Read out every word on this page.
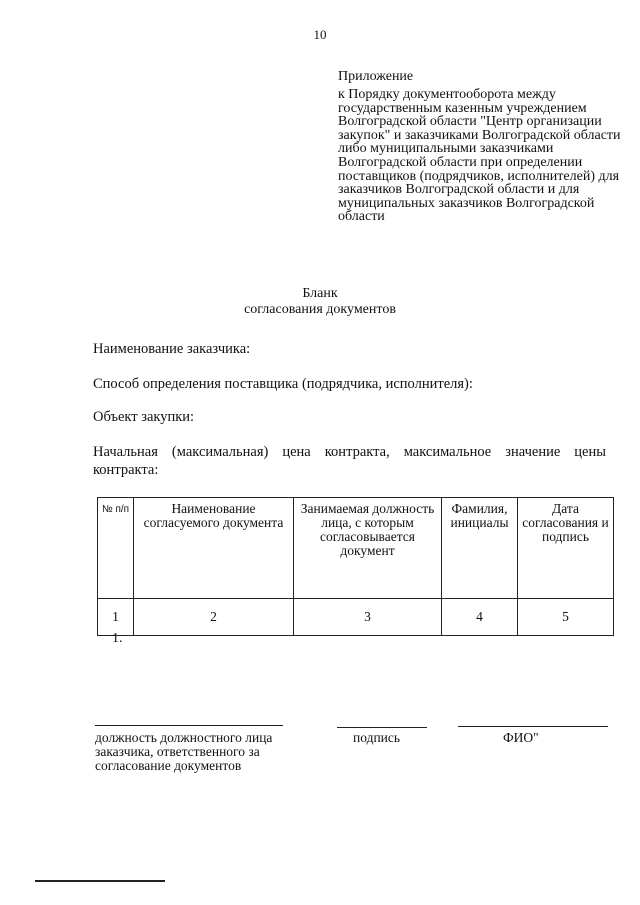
10
Приложение
к Порядку документооборота между государственным казенным учреждением Волгоградской области "Центр организации закупок" и заказчиками Волгоградской области либо муниципальными заказчиками Волгоградской области при определении поставщиков (подрядчиков, исполнителей) для заказчиков Волгоградской области и для муниципальных заказчиков Волгоградской области
Бланк
согласования документов
Наименование заказчика:
Способ определения поставщика (подрядчика, исполнителя):
Объект закупки:
Начальная (максимальная) цена контракта, максимальное значение цены контракта:
№ п/п	Наименование согласуемого документа	Занимаемая должность лица, с которым согласовывается документ	Фамилия, инициалы	Дата согласования и подпись
1	2	3	4	5
1.
должность должностного лица заказчика, ответственного за согласование документов
подпись	ФИО"
